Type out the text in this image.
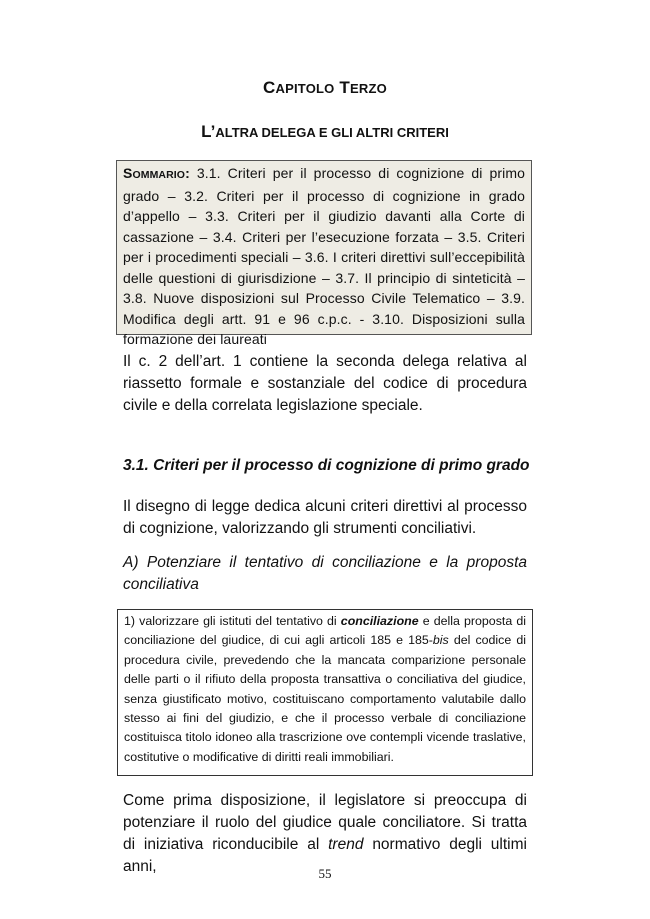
CAPITOLO TERZO
L’ALTRA DELEGA E GLI ALTRI CRITERI
SOMMARIO: 3.1. Criteri per il processo di cognizione di primo grado – 3.2. Criteri per il processo di cognizione in grado d’appello – 3.3. Criteri per il giudizio davanti alla Corte di cassazione – 3.4. Criteri per l’esecuzione forzata – 3.5. Criteri per i procedimenti speciali – 3.6. I criteri direttivi sull’eccepibilità delle questioni di giurisdizione – 3.7. Il principio di sinteticità – 3.8. Nuove disposizioni sul Processo Civile Telematico – 3.9. Modifica degli artt. 91 e 96 c.p.c. - 3.10. Disposizioni sulla formazione dei laureati
Il c. 2 dell’art. 1 contiene la seconda delega relativa al riassetto formale e sostanziale del codice di procedura civile e della correlata legislazione speciale.
3.1. Criteri per il processo di cognizione di primo grado
Il disegno di legge dedica alcuni criteri direttivi al processo di cognizione, valorizzando gli strumenti conciliativi.
A) Potenziare il tentativo di conciliazione e la proposta conciliativa
1) valorizzare gli istituti del tentativo di conciliazione e della proposta di conciliazione del giudice, di cui agli articoli 185 e 185-bis del codice di procedura civile, prevedendo che la mancata comparizione personale delle parti o il rifiuto della proposta transattiva o conciliativa del giudice, senza giustificato motivo, costituiscano comportamento valutabile dallo stesso ai fini del giudizio, e che il processo verbale di conciliazione costituisca titolo idoneo alla trascrizione ove contempli vicende traslative, costitutive o modificative di diritti reali immobiliari.
Come prima disposizione, il legislatore si preoccupa di potenziare il ruolo del giudice quale conciliatore. Si tratta di iniziativa riconducibile al trend normativo degli ultimi anni,	55
